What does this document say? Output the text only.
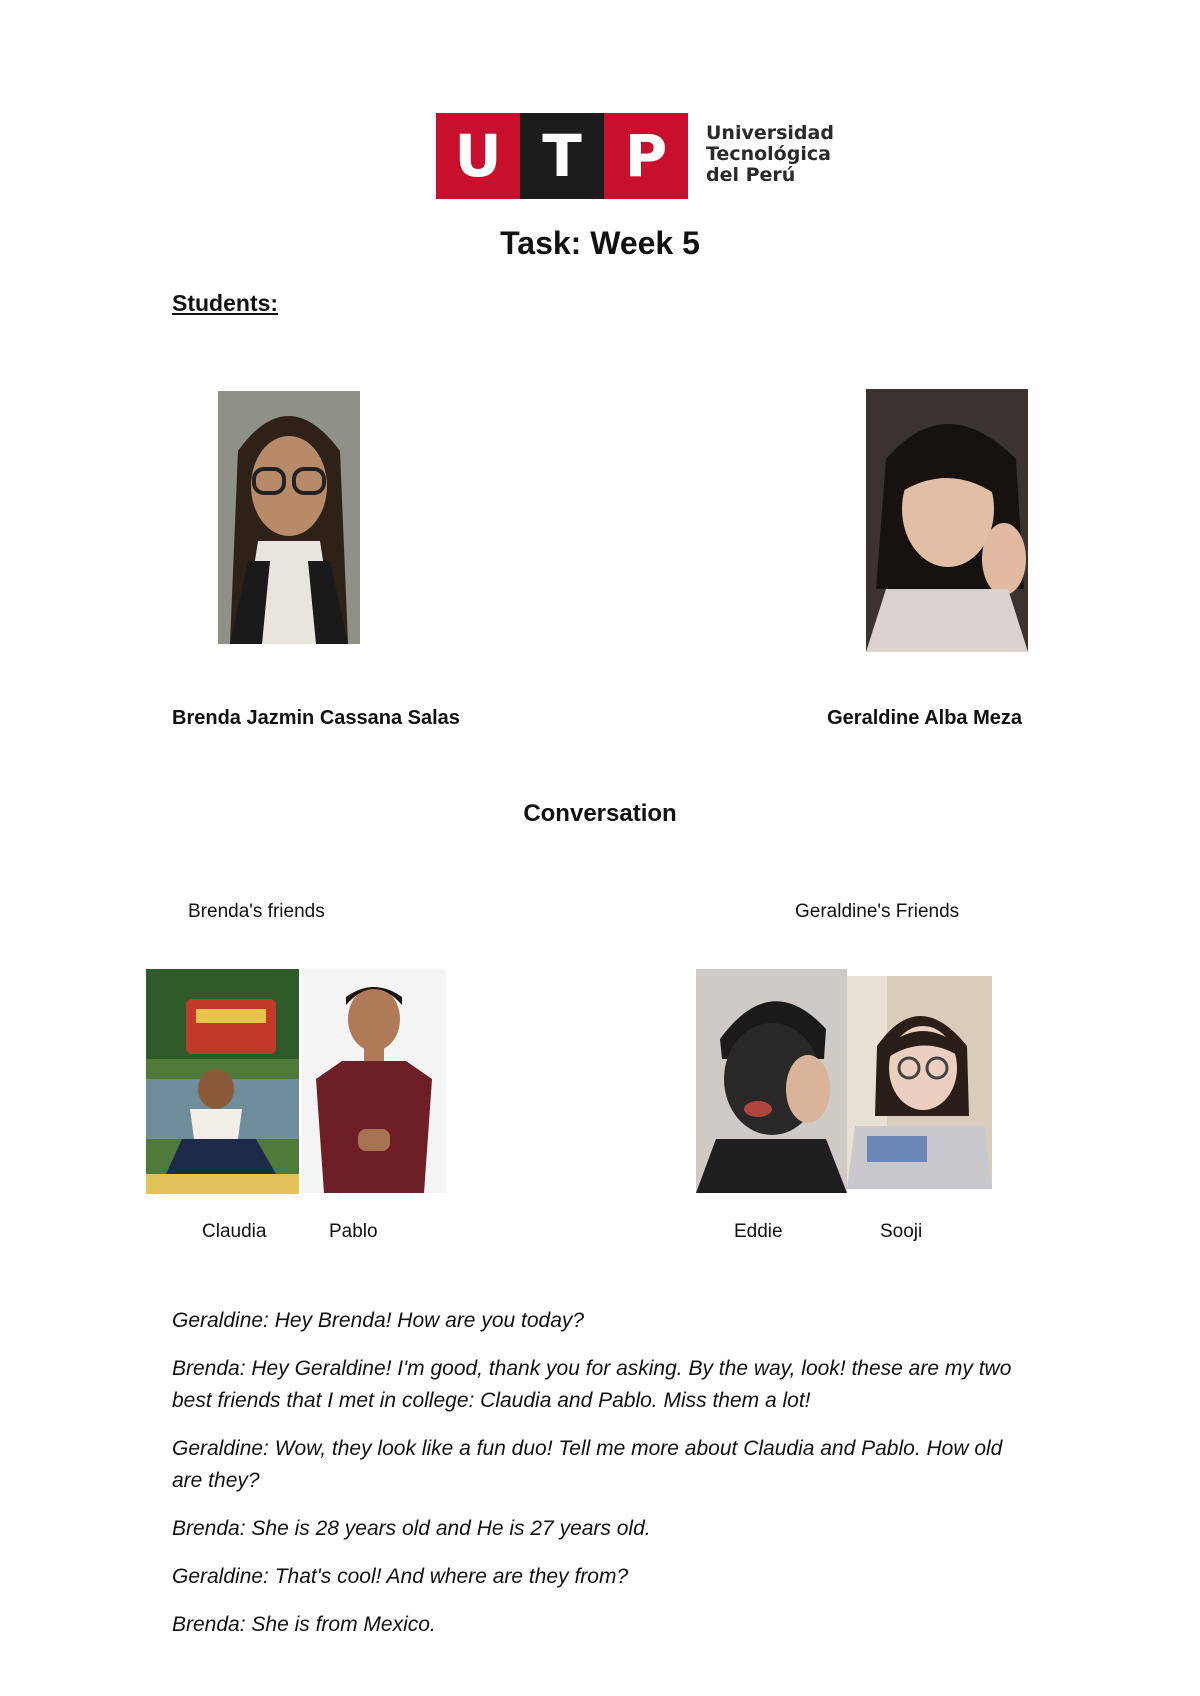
U T P	Universidad
Tecnológica
del Perú
Task: Week 5
Students:
Brenda Jazmin Cassana Salas	Geraldine Alba Meza
Conversation
Brenda's friends	Geraldine's Friends
Claudia	Pablo	Eddie	Sooji

Geraldine: Hey Brenda! How are you today?

Brenda: Hey Geraldine! I'm good, thank you for asking. By the way, look! these are my two best friends that I met in college: Claudia and Pablo. Miss them a lot!

Geraldine: Wow, they look like a fun duo! Tell me more about Claudia and Pablo. How old are they?

Brenda: She is 28 years old and He is 27 years old.

Geraldine: That's cool! And where are they from?

Brenda: She is from Mexico.
